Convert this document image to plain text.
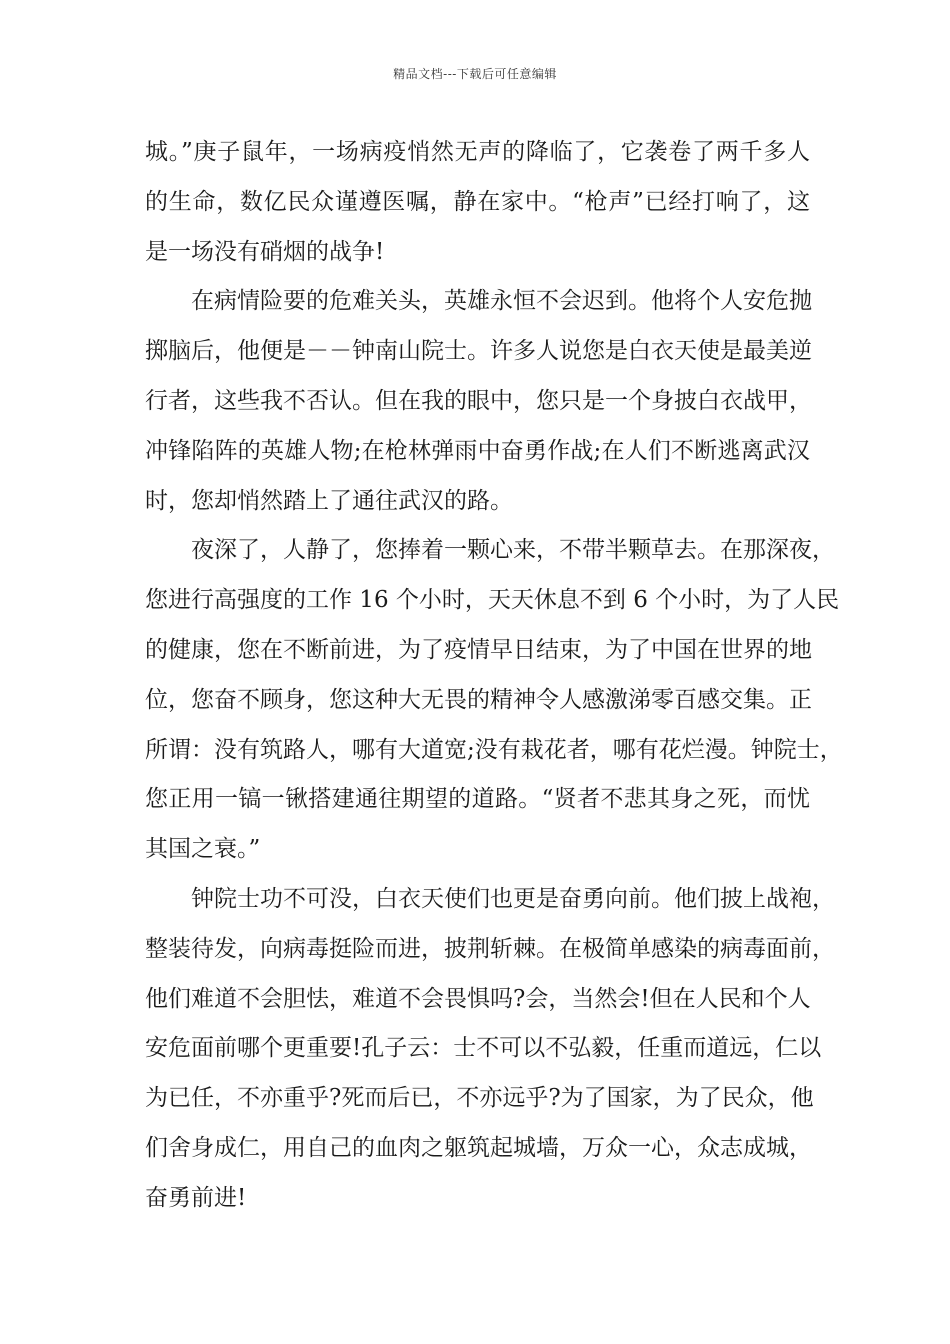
精品文档---下载后可任意编辑
城。”庚子鼠年，一场病疫悄然无声的降临了，它袭卷了两千多人
的生命，数亿民众谨遵医嘱，静在家中。“枪声”已经打响了，这
是一场没有硝烟的战争!
在病情险要的危难关头，英雄永恒不会迟到。他将个人安危抛
掷脑后，他便是－－钟南山院士。许多人说您是白衣天使是最美逆
行者，这些我不否认。但在我的眼中，您只是一个身披白衣战甲，
冲锋陷阵的英雄人物;在枪林弹雨中奋勇作战;在人们不断逃离武汉
时，您却悄然踏上了通往武汉的路。
夜深了，人静了，您捧着一颗心来，不带半颗草去。在那深夜，
您进行高强度的工作 16 个小时，天天休息不到 6 个小时，为了人民
的健康，您在不断前进，为了疫情早日结束，为了中国在世界的地
位，您奋不顾身，您这种大无畏的精神令人感激涕零百感交集。正
所谓：没有筑路人，哪有大道宽;没有栽花者，哪有花烂漫。钟院士，
您正用一镐一锹搭建通往期望的道路。“贤者不悲其身之死，而忧
其国之衰。”
钟院士功不可没，白衣天使们也更是奋勇向前。他们披上战袍，
整装待发，向病毒挺险而进，披荆斩棘。在极简单感染的病毒面前，
他们难道不会胆怯，难道不会畏惧吗?会，当然会!但在人民和个人
安危面前哪个更重要!孔子云：士不可以不弘毅，任重而道远，仁以
为已任，不亦重乎?死而后已，不亦远乎?为了国家，为了民众，他
们舍身成仁，用自己的血肉之躯筑起城墙，万众一心，众志成城，
奋勇前进!
